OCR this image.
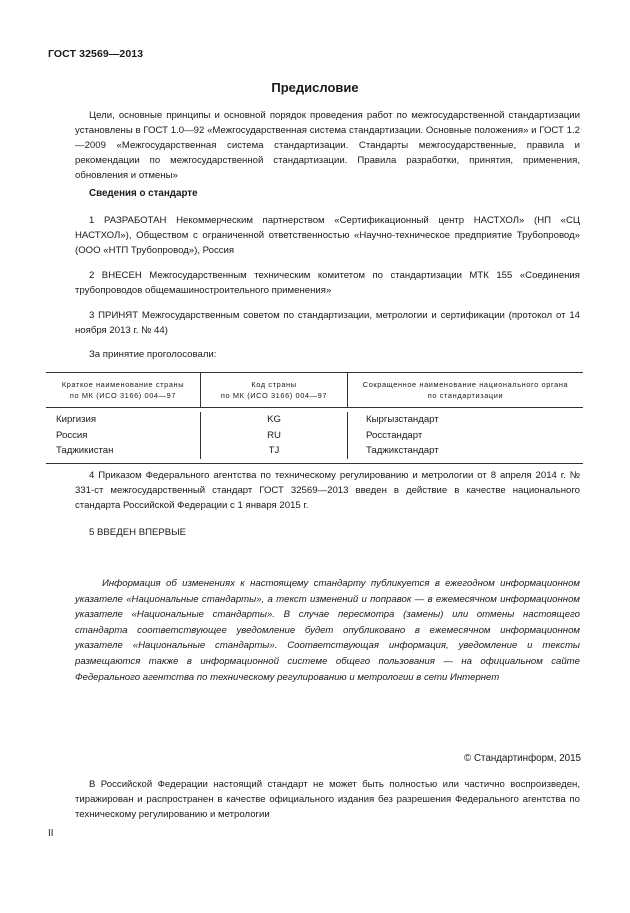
ГОСТ 32569—2013
Предисловие
Цели, основные принципы и основной порядок проведения работ по межгосударственной стандартизации установлены в ГОСТ 1.0—92 «Межгосударственная система стандартизации. Основные положения» и ГОСТ 1.2—2009 «Межгосударственная система стандартизации. Стандарты межгосударственные, правила и рекомендации по межгосударственной стандартизации. Правила разработки, принятия, применения, обновления и отмены»
Сведения о стандарте
1 РАЗРАБОТАН Некоммерческим партнерством «Сертификационный центр НАСТХОЛ» (НП «СЦ НАСТХОЛ»), Обществом с ограниченной ответственностью «Научно-техническое предприятие Трубопровод» (ООО «НТП Трубопровод»), Россия
2 ВНЕСЕН Межгосударственным техническим комитетом по стандартизации МТК 155 «Соединения трубопроводов общемашиностроительного применения»
3 ПРИНЯТ Межгосударственным советом по стандартизации, метрологии и сертификации (протокол от 14 ноября 2013 г. № 44)
За принятие проголосовали:
Краткое наименование страны
по МК (ИСО 3166) 004—97
Код страны
по МК (ИСО 3166) 004—97
Сокращенное наименование национального органа
по стандартизации
Киргизия
Россия
Таджикистан
KG
RU
TJ
Кыргызстандарт
Росстандарт
Таджикстандарт
4 Приказом Федерального агентства по техническому регулированию и метрологии от 8 апреля 2014 г. № 331-ст межгосударственный стандарт ГОСТ 32569—2013 введен в действие в качестве национального стандарта Российской Федерации с 1 января 2015 г.
5 ВВЕДЕН ВПЕРВЫЕ
Информация об изменениях к настоящему стандарту публикуется в ежегодном информационном указателе «Национальные стандарты», а текст изменений и поправок — в ежемесячном информационном указателе «Национальные стандарты». В случае пересмотра (замены) или отмены настоящего стандарта соответствующее уведомление будет опубликовано в ежемесячном информационном указателе «Национальные стандарты». Соответствующая информация, уведомление и тексты размещаются также в информационной системе общего пользования — на официальном сайте Федерального агентства по техническому регулированию и метрологии в сети Интернет
© Стандартинформ, 2015
В Российской Федерации настоящий стандарт не может быть полностью или частично воспроизведен, тиражирован и распространен в качестве официального издания без разрешения Федерального агентства по техническому регулированию и метрологии
II
